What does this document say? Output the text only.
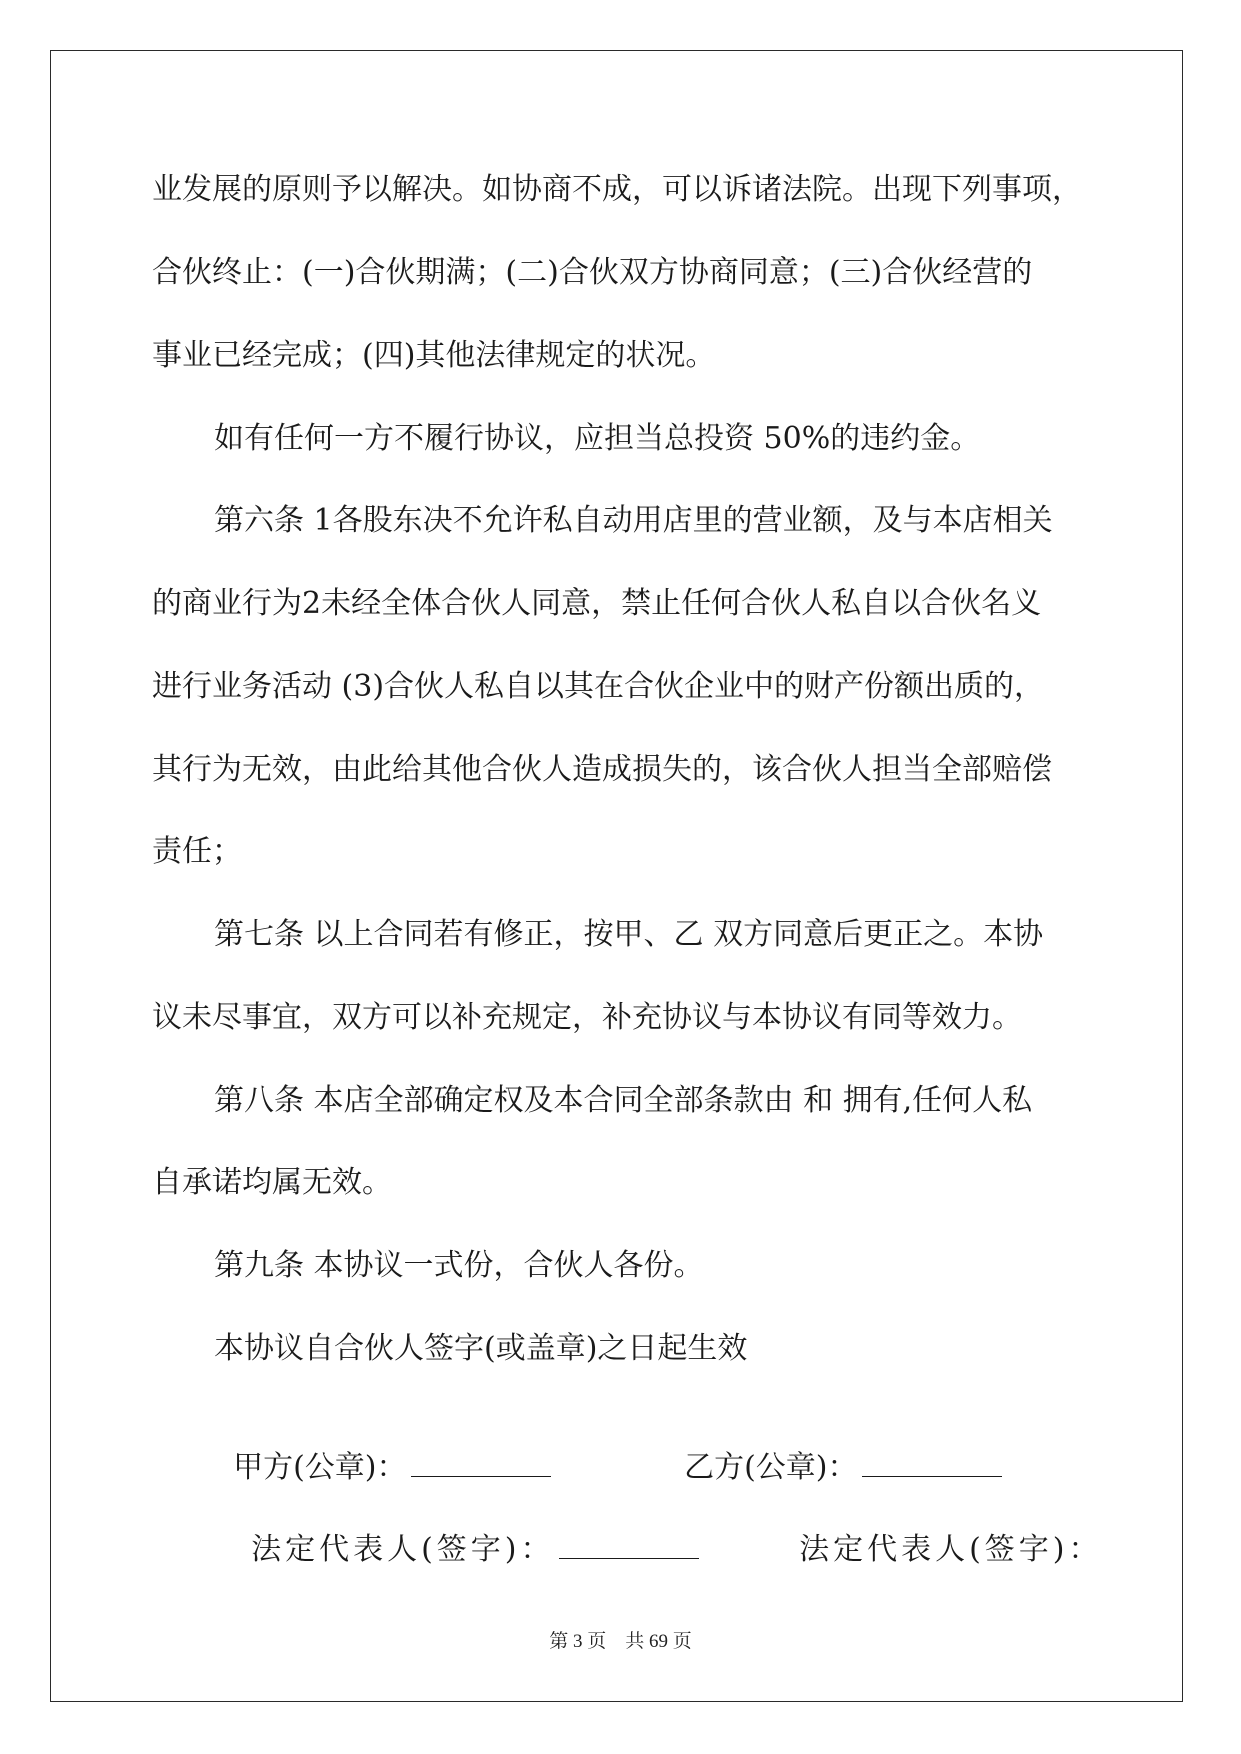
业发展的原则予以解决。如协商不成，可以诉诸法院。出现下列事项，
合伙终止：(一)合伙期满；(二)合伙双方协商同意；(三)合伙经营的
事业已经完成；(四)其他法律规定的状况。
如有任何一方不履行协议，应担当总投资 50%的违约金。
第六条 1各股东决不允许私自动用店里的营业额，及与本店相关
的商业行为2未经全体合伙人同意，禁止任何合伙人私自以合伙名义
进行业务活动 (3)合伙人私自以其在合伙企业中的财产份额出质的，
其行为无效，由此给其他合伙人造成损失的，该合伙人担当全部赔偿
责任；
第七条 以上合同若有修正，按甲、乙 双方同意后更正之。本协
议未尽事宜，双方可以补充规定，补充协议与本协议有同等效力。
第八条 本店全部确定权及本合同全部条款由 和 拥有,任何人私
自承诺均属无效。
第九条 本协议一式份，合伙人各份。
本协议自合伙人签字(或盖章)之日起生效

甲方(公章)：	乙方(公章)：

法定代表人(签字)：	法定代表人(签字)：

第 3 页    共 69 页
